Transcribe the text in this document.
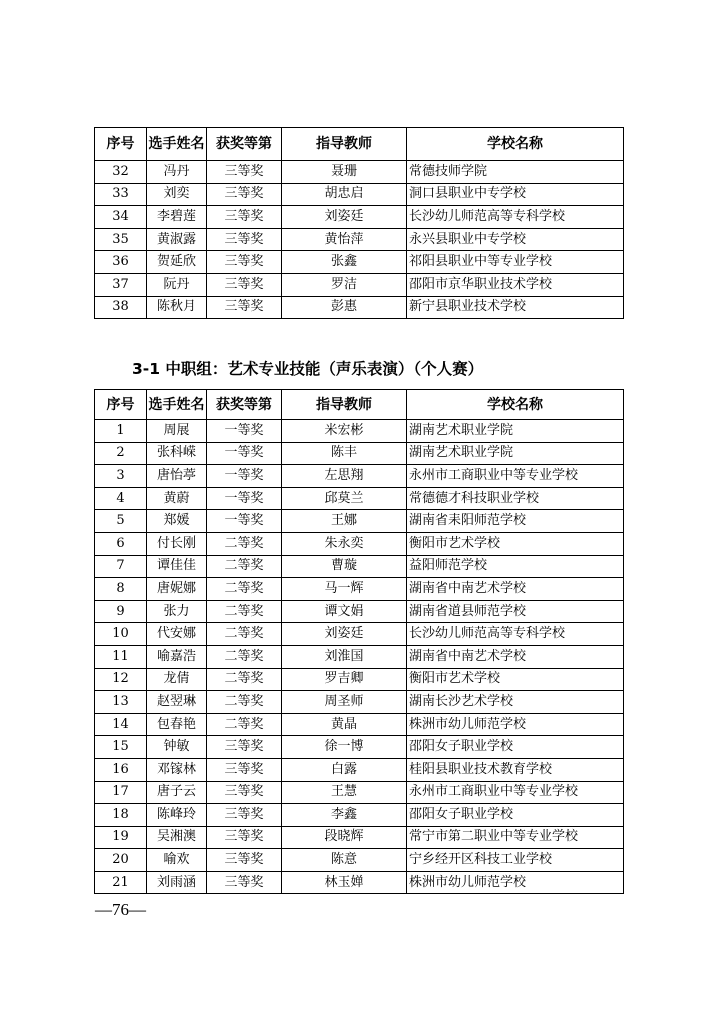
序号	选手姓名	获奖等第	指导教师	学校名称
32	冯丹	三等奖	聂珊	常德技师学院
33	刘奕	三等奖	胡忠启	洞口县职业中专学校
34	李碧莲	三等奖	刘姿廷	长沙幼儿师范高等专科学校
35	黄淑露	三等奖	黄怡萍	永兴县职业中专学校
36	贺延欣	三等奖	张鑫	祁阳县职业中等专业学校
37	阮丹	三等奖	罗洁	邵阳市京华职业技术学校
38	陈秋月	三等奖	彭惠	新宁县职业技术学校
3-1 中职组：艺术专业技能（声乐表演）（个人赛）
序号	选手姓名	获奖等第	指导教师	学校名称
1	周展	一等奖	米宏彬	湖南艺术职业学院
2	张科嵘	一等奖	陈丰	湖南艺术职业学院
3	唐怡葶	一等奖	左思翔	永州市工商职业中等专业学校
4	黄蔚	一等奖	邱莫兰	常德德才科技职业学校
5	郑媛	一等奖	王娜	湖南省耒阳师范学校
6	付长刚	二等奖	朱永奕	衡阳市艺术学校
7	谭佳佳	二等奖	曹璇	益阳师范学校
8	唐妮娜	二等奖	马一辉	湖南省中南艺术学校
9	张力	二等奖	谭文娟	湖南省道县师范学校
10	代安娜	二等奖	刘姿廷	长沙幼儿师范高等专科学校
11	喻嘉浩	二等奖	刘淮国	湖南省中南艺术学校
12	龙倩	二等奖	罗吉卿	衡阳市艺术学校
13	赵翌琳	二等奖	周圣师	湖南长沙艺术学校
14	包春艳	二等奖	黄晶	株洲市幼儿师范学校
15	钟敏	三等奖	徐一博	邵阳女子职业学校
16	邓镓林	三等奖	白露	桂阳县职业技术教育学校
17	唐子云	三等奖	王慧	永州市工商职业中等专业学校
18	陈峰玲	三等奖	李鑫	邵阳女子职业学校
19	吴湘澳	三等奖	段晓辉	常宁市第二职业中等专业学校
20	喻欢	三等奖	陈意	宁乡经开区科技工业学校
21	刘雨涵	三等奖	林玉婵	株洲市幼儿师范学校
—76—
